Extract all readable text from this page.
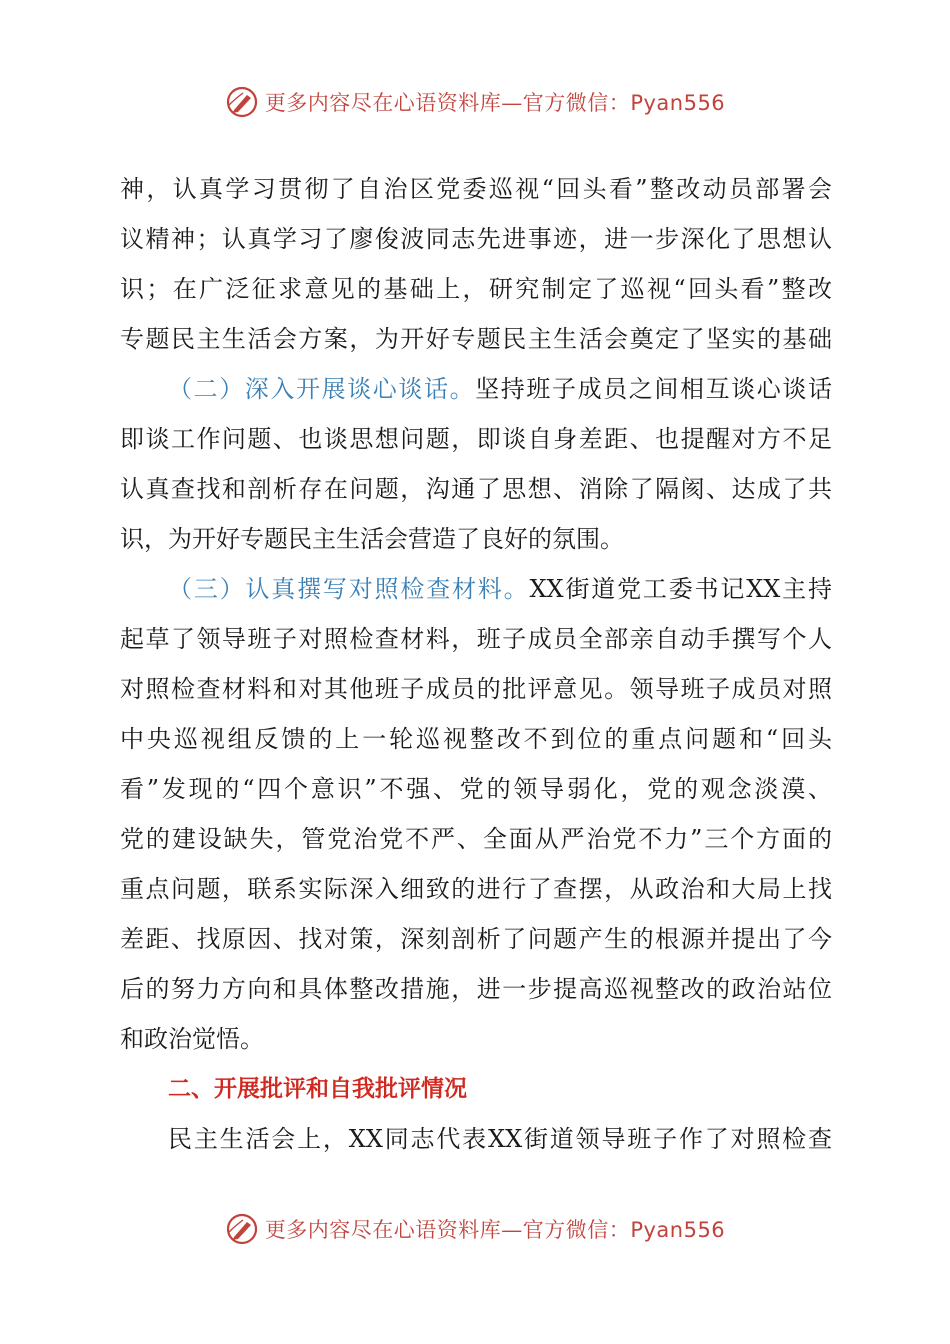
更多内容尽在心语资料库—官方微信：Pyan556
神，认真学习贯彻了自治区党委巡视“回头看”整改动员部署会
议精神；认真学习了廖俊波同志先进事迹，进一步深化了思想认
识；在广泛征求意见的基础上，研究制定了巡视“回头看”整改
专题民主生活会方案，为开好专题民主生活会奠定了坚实的基础
（二）深入开展谈心谈话。坚持班子成员之间相互谈心谈话
即谈工作问题、也谈思想问题，即谈自身差距、也提醒对方不足
认真查找和剖析存在问题，沟通了思想、消除了隔阂、达成了共
识，为开好专题民主生活会营造了良好的氛围。
（三）认真撰写对照检查材料。XX街道党工委书记XX主持
起草了领导班子对照检查材料，班子成员全部亲自动手撰写个人
对照检查材料和对其他班子成员的批评意见。领导班子成员对照
中央巡视组反馈的上一轮巡视整改不到位的重点问题和“回头
看”发现的“四个意识”不强、党的领导弱化，党的观念淡漠、
党的建设缺失，管党治党不严、全面从严治党不力”三个方面的
重点问题，联系实际深入细致的进行了查摆，从政治和大局上找
差距、找原因、找对策，深刻剖析了问题产生的根源并提出了今
后的努力方向和具体整改措施，进一步提高巡视整改的政治站位
和政治觉悟。
二、开展批评和自我批评情况
民主生活会上，XX同志代表XX街道领导班子作了对照检查
更多内容尽在心语资料库—官方微信：Pyan556
